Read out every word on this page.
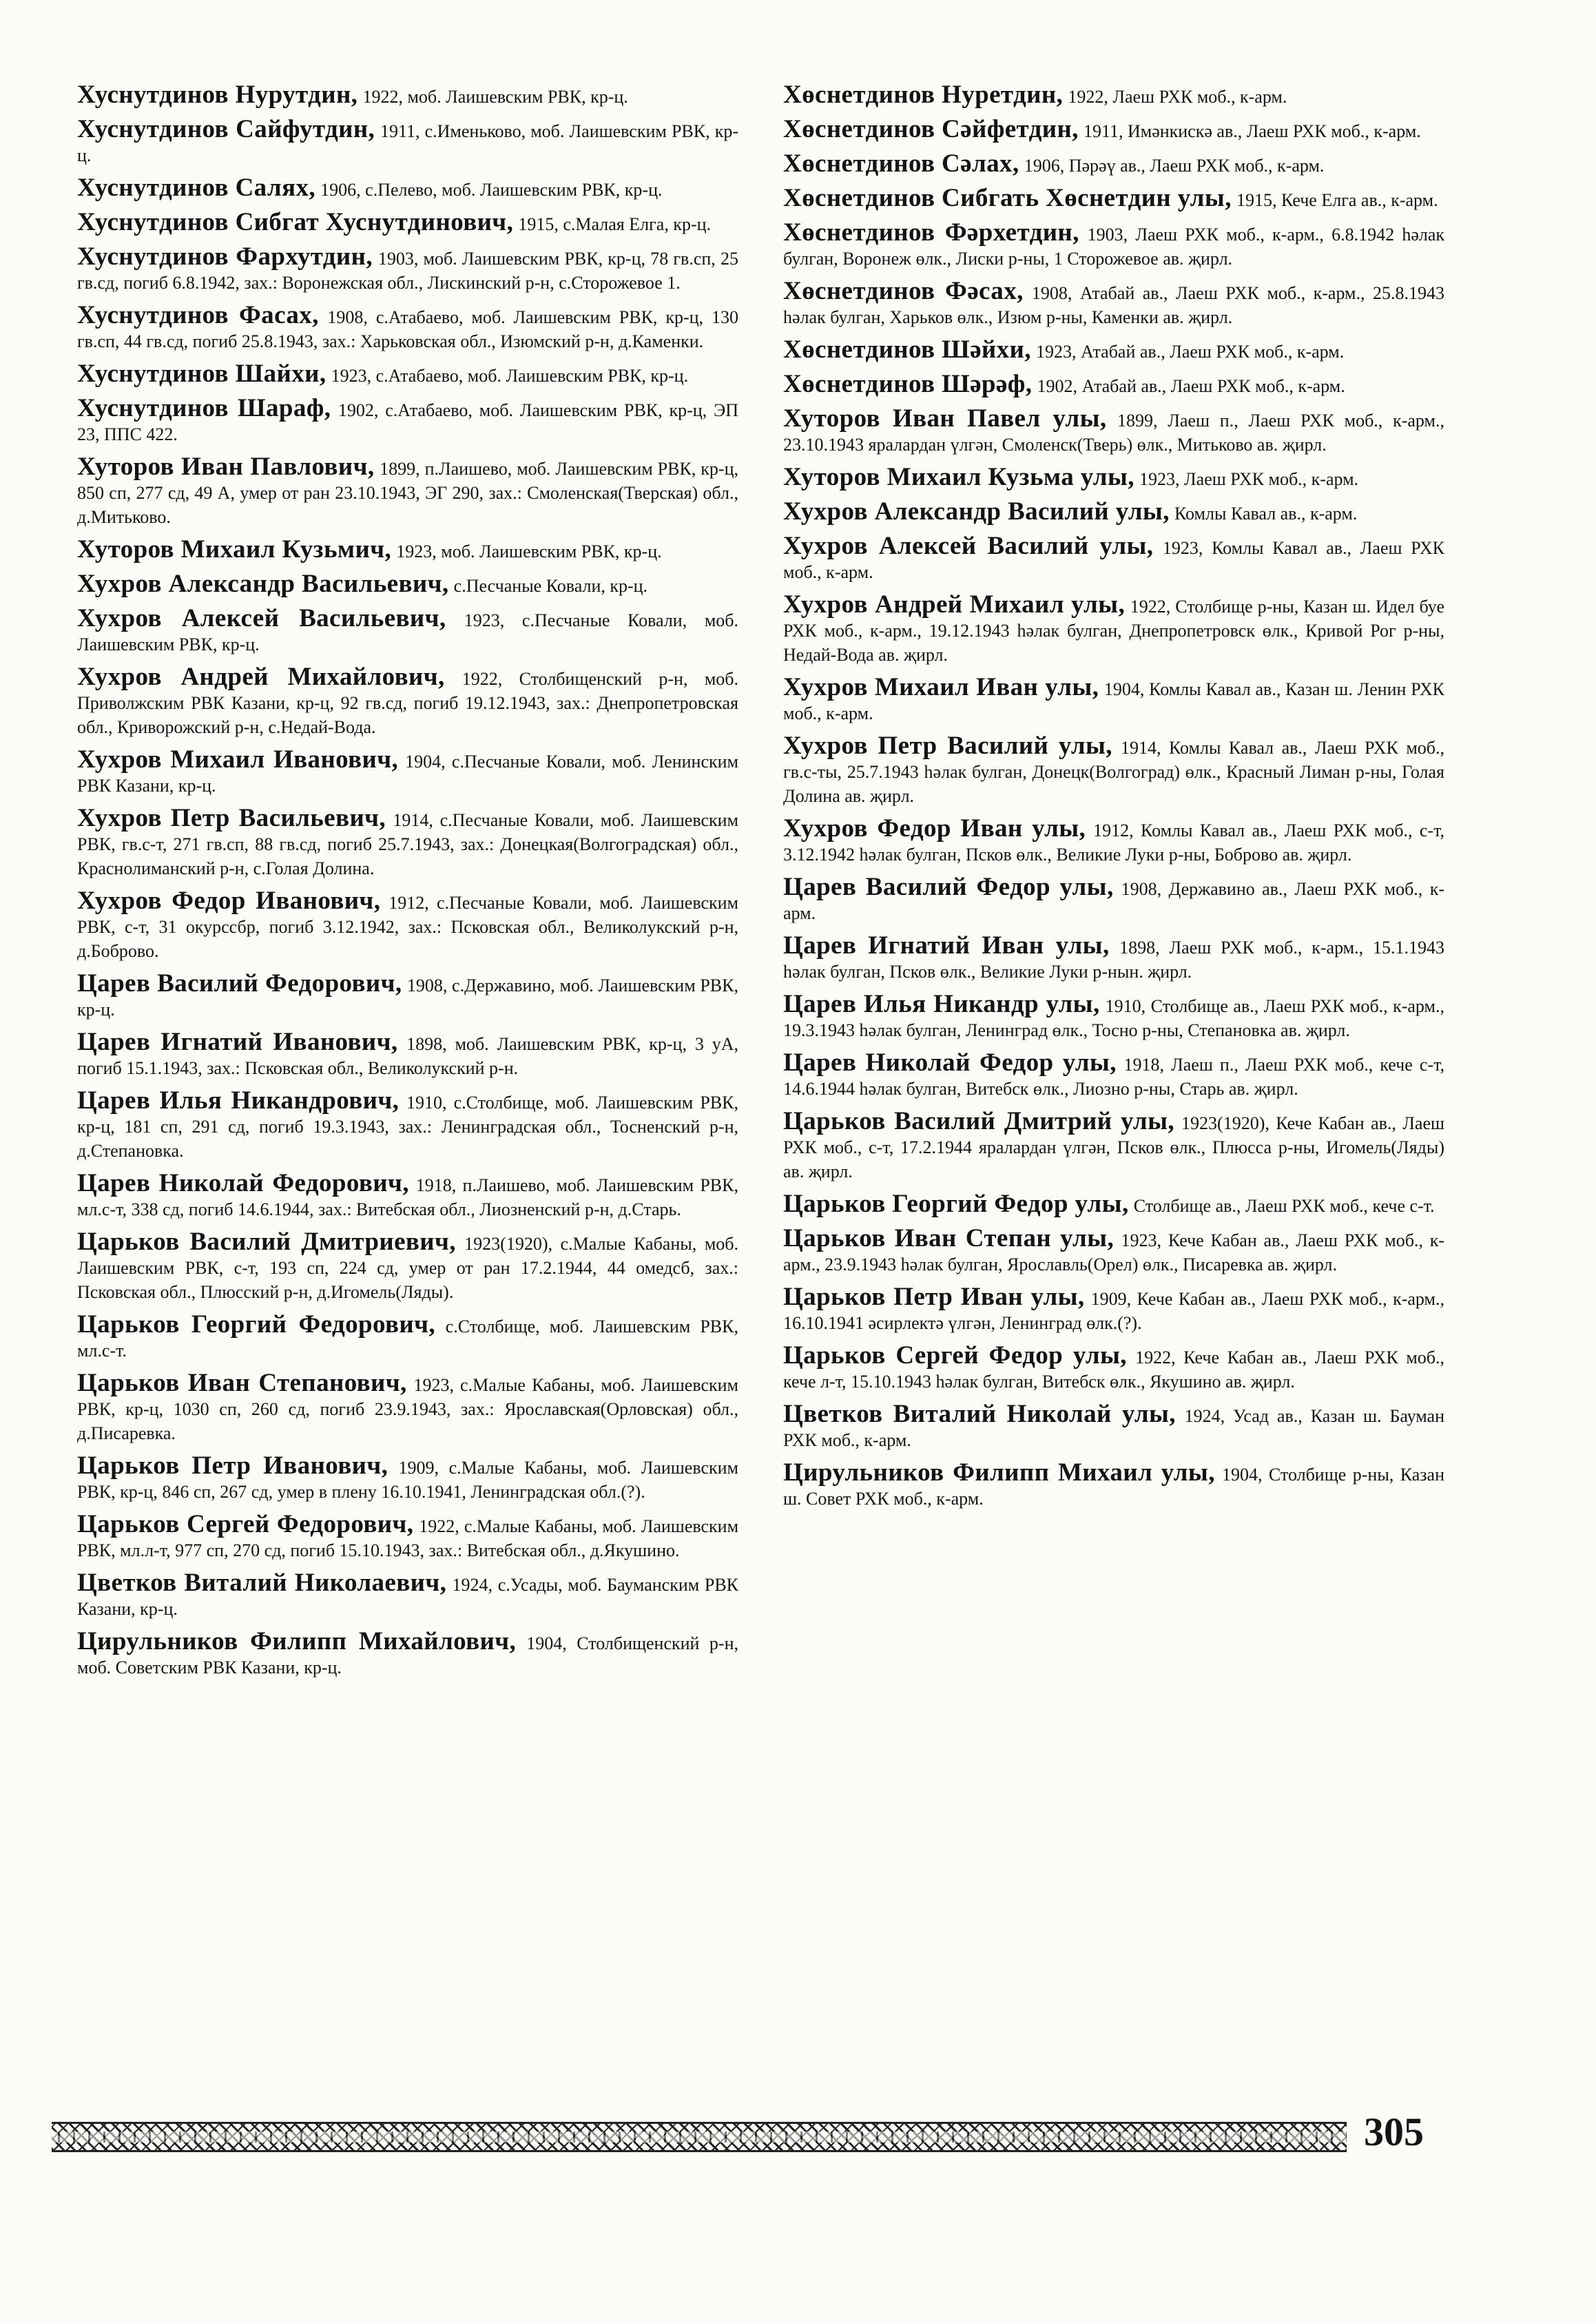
Хуснутдинов Нурутдин, 1922, моб. Лаишевским РВК, кр-ц.
Хуснутдинов Сайфутдин, 1911, с.Именьково, моб. Лаишевским РВК, кр-ц.
Хуснутдинов Салях, 1906, с.Пелево, моб. Лаишевским РВК, кр-ц.
Хуснутдинов Сибгат Хуснутдинович, 1915, с.Малая Елга, кр-ц.
Хуснутдинов Фархутдин, 1903, моб. Лаишевским РВК, кр-ц, 78 гв.сп, 25 гв.сд, погиб 6.8.1942, зах.: Воронежская обл., Лискинский р-н, с.Сторожевое 1.
Хуснутдинов Фасах, 1908, с.Атабаево, моб. Лаишевским РВК, кр-ц, 130 гв.сп, 44 гв.сд, погиб 25.8.1943, зах.: Харьковская обл., Изюмский р-н, д.Каменки.
Хуснутдинов Шайхи, 1923, с.Атабаево, моб. Лаишевским РВК, кр-ц.
Хуснутдинов Шараф, 1902, с.Атабаево, моб. Лаишевским РВК, кр-ц, ЭП 23, ППС 422.
Хуторов Иван Павлович, 1899, п.Лаишево, моб. Лаишевским РВК, кр-ц, 850 сп, 277 сд, 49 А, умер от ран 23.10.1943, ЭГ 290, зах.: Смоленская(Тверская) обл., д.Митьково.
Хуторов Михаил Кузьмич, 1923, моб. Лаишевским РВК, кр-ц.
Хухров Александр Васильевич, с.Песчаные Ковали, кр-ц.
Хухров Алексей Васильевич, 1923, с.Песчаные Ковали, моб. Лаишевским РВК, кр-ц.
Хухров Андрей Михайлович, 1922, Столбищенский р-н, моб. Приволжским РВК Казани, кр-ц, 92 гв.сд, погиб 19.12.1943, зах.: Днепропетровская обл., Криворожский р-н, с.Недай-Вода.
Хухров Михаил Иванович, 1904, с.Песчаные Ковали, моб. Ленинским РВК Казани, кр-ц.
Хухров Петр Васильевич, 1914, с.Песчаные Ковали, моб. Лаишевским РВК, гв.с-т, 271 гв.сп, 88 гв.сд, погиб 25.7.1943, зах.: Донецкая(Волгоградская) обл., Краснолиманский р-н, с.Голая Долина.
Хухров Федор Иванович, 1912, с.Песчаные Ковали, моб. Лаишевским РВК, с-т, 31 окурссбр, погиб 3.12.1942, зах.: Псковская обл., Великолукский р-н, д.Боброво.
Царев Василий Федорович, 1908, с.Державино, моб. Лаишевским РВК, кр-ц.
Царев Игнатий Иванович, 1898, моб. Лаишевским РВК, кр-ц, 3 уА, погиб 15.1.1943, зах.: Псковская обл., Великолукский р-н.
Царев Илья Никандрович, 1910, с.Столбище, моб. Лаишевским РВК, кр-ц, 181 сп, 291 сд, погиб 19.3.1943, зах.: Ленинградская обл., Тосненский р-н, д.Степановка.
Царев Николай Федорович, 1918, п.Лаишево, моб. Лаишевским РВК, мл.с-т, 338 сд, погиб 14.6.1944, зах.: Витебская обл., Лиозненский р-н, д.Старь.
Царьков Василий Дмитриевич, 1923(1920), с.Малые Кабаны, моб. Лаишевским РВК, с-т, 193 сп, 224 сд, умер от ран 17.2.1944, 44 омедсб, зах.: Псковская обл., Плюсский р-н, д.Игомель(Ляды).
Царьков Георгий Федорович, с.Столбище, моб. Лаишевским РВК, мл.с-т.
Царьков Иван Степанович, 1923, с.Малые Кабаны, моб. Лаишевским РВК, кр-ц, 1030 сп, 260 сд, погиб 23.9.1943, зах.: Ярославская(Орловская) обл., д.Писаревка.
Царьков Петр Иванович, 1909, с.Малые Кабаны, моб. Лаишевским РВК, кр-ц, 846 сп, 267 сд, умер в плену 16.10.1941, Ленинградская обл.(?).
Царьков Сергей Федорович, 1922, с.Малые Кабаны, моб. Лаишевским РВК, мл.л-т, 977 сп, 270 сд, погиб 15.10.1943, зах.: Витебская обл., д.Якушино.
Цветков Виталий Николаевич, 1924, с.Усады, моб. Бауманским РВК Казани, кр-ц.
Цирульников Филипп Михайлович, 1904, Столбищенский р-н, моб. Советским РВК Казани, кр-ц.
Хөснетдинов Нуретдин, 1922, Лаеш РХК моб., к-арм.
Хөснетдинов Сәйфетдин, 1911, Имәнкискә ав., Лаеш РХК моб., к-арм.
Хөснетдинов Сәлах, 1906, Пәрәү ав., Лаеш РХК моб., к-арм.
Хөснетдинов Сибгать Хөснетдин улы, 1915, Кече Елга ав., к-арм.
Хөснетдинов Фәрхетдин, 1903, Лаеш РХК моб., к-арм., 6.8.1942 һәлак булган, Воронеж өлк., Лиски р-ны, 1 Сторожевое ав. җирл.
Хөснетдинов Фәсах, 1908, Атабай ав., Лаеш РХК моб., к-арм., 25.8.1943 һәлак булган, Харьков өлк., Изюм р-ны, Каменки ав. җирл.
Хөснетдинов Шәйхи, 1923, Атабай ав., Лаеш РХК моб., к-арм.
Хөснетдинов Шәрәф, 1902, Атабай ав., Лаеш РХК моб., к-арм.
Хуторов Иван Павел улы, 1899, Лаеш п., Лаеш РХК моб., к-арм., 23.10.1943 яралардан үлгән, Смоленск(Тверь) өлк., Митьково ав. җирл.
Хуторов Михаил Кузьма улы, 1923, Лаеш РХК моб., к-арм.
Хухров Александр Василий улы, Комлы Кавал ав., к-арм.
Хухров Алексей Василий улы, 1923, Комлы Кавал ав., Лаеш РХК моб., к-арм.
Хухров Андрей Михаил улы, 1922, Столбище р-ны, Казан ш. Идел буе РХК моб., к-арм., 19.12.1943 һәлак булган, Днепропетровск өлк., Кривой Рог р-ны, Недай-Вода ав. җирл.
Хухров Михаил Иван улы, 1904, Комлы Кавал ав., Казан ш. Ленин РХК моб., к-арм.
Хухров Петр Василий улы, 1914, Комлы Кавал ав., Лаеш РХК моб., гв.с-ты, 25.7.1943 һәлак булган, Донецк(Волгоград) өлк., Красный Лиман р-ны, Голая Долина ав. җирл.
Хухров Федор Иван улы, 1912, Комлы Кавал ав., Лаеш РХК моб., с-т, 3.12.1942 һәлак булган, Псков өлк., Великие Луки р-ны, Боброво ав. җирл.
Царев Василий Федор улы, 1908, Державино ав., Лаеш РХК моб., к-арм.
Царев Игнатий Иван улы, 1898, Лаеш РХК моб., к-арм., 15.1.1943 һәлак булган, Псков өлк., Великие Луки р-нын. җирл.
Царев Илья Никандр улы, 1910, Столбище ав., Лаеш РХК моб., к-арм., 19.3.1943 һәлак булган, Ленинград өлк., Тосно р-ны, Степановка ав. җирл.
Царев Николай Федор улы, 1918, Лаеш п., Лаеш РХК моб., кече с-т, 14.6.1944 һәлак булган, Витебск өлк., Лиозно р-ны, Старь ав. җирл.
Царьков Василий Дмитрий улы, 1923(1920), Кече Кабан ав., Лаеш РХК моб., с-т, 17.2.1944 яралардан үлгән, Псков өлк., Плюсса р-ны, Игомель(Ляды) ав. җирл.
Царьков Георгий Федор улы, Столбище ав., Лаеш РХК моб., кече с-т.
Царьков Иван Степан улы, 1923, Кече Кабан ав., Лаеш РХК моб., к-арм., 23.9.1943 һәлак булган, Ярославль(Орел) өлк., Писаревка ав. җирл.
Царьков Петр Иван улы, 1909, Кече Кабан ав., Лаеш РХК моб., к-арм., 16.10.1941 әсирлектә үлгән, Ленинград өлк.(?).
Царьков Сергей Федор улы, 1922, Кече Кабан ав., Лаеш РХК моб., кече л-т, 15.10.1943 һәлак булган, Витебск өлк., Якушино ав. җирл.
Цветков Виталий Николай улы, 1924, Усад ав., Казан ш. Бауман РХК моб., к-арм.
Цирульников Филипп Михаил улы, 1904, Столбище р-ны, Казан ш. Совет РХК моб., к-арм.
305
